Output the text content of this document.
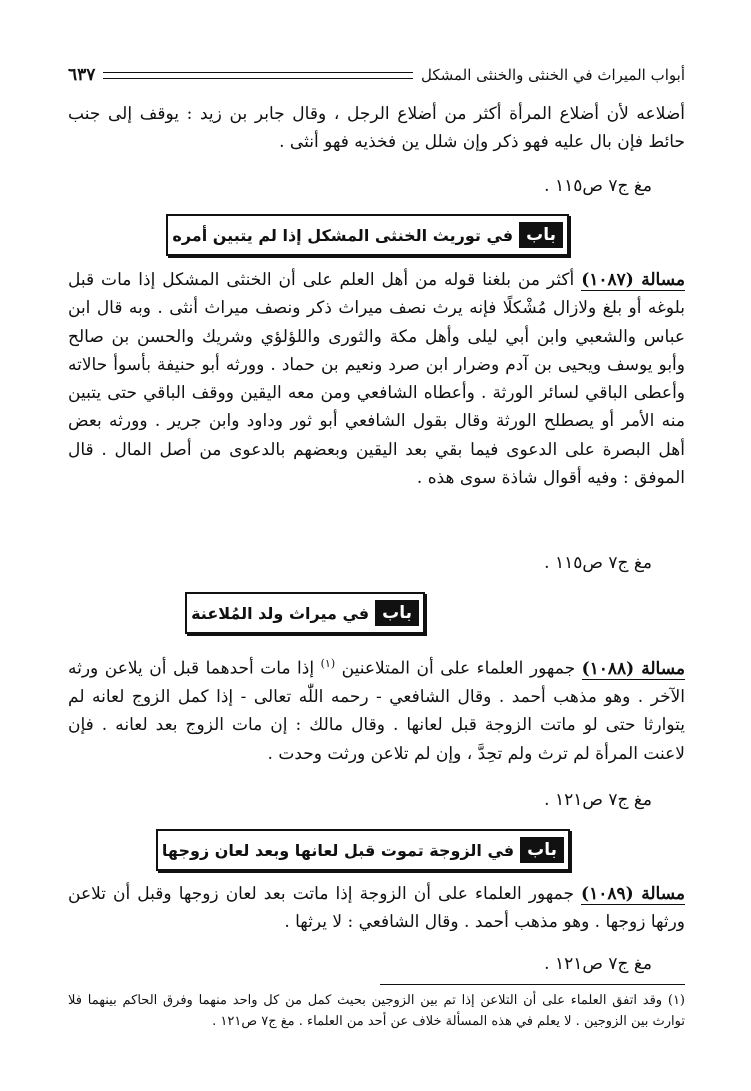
أبواب الميراث في الخنثى والخنثى المشكل
٦٣٧

أضلاعه لأن أضلاع المرأة أكثر من أضلاع الرجل ، وقال جابر بن زيد : يوقف إلى جنب حائط فإن بال عليه فهو ذكر وإن شلل ين فخذيه فهو أنثى .

مغ ج٧ ص١١٥ .
باب
في توريث الخنثى المشكل إذا لم يتبين أمره

مسالة (١٠٨٧) أكثر من بلغنا قوله من أهل العلم على أن الخنثى المشكل إذا مات قبل بلوغه أو بلغ ولازال مُشْكلًا فإنه يرث نصف ميراث ذكر ونصف ميراث أنثى . وبه قال ابن عباس والشعبي وابن أبي ليلى وأهل مكة والثورى واللؤلؤي وشريك والحسن بن صالح وأبو يوسف ويحيى بن آدم وضرار ابن صرد ونعيم بن حماد . وورثه أبو حنيفة بأسوأ حالاته وأعطى الباقي لسائر الورثة . وأعطاه الشافعي ومن معه اليقين ووقف الباقي حتى يتبين منه الأمر أو يصطلح الورثة وقال بقول الشافعي أبو ثور وداود وابن جرير . وورثه بعض أهل البصرة على الدعوى فيما بقي بعد اليقين وبعضهم بالدعوى من أصل المال . قال الموفق : وفيه أقوال شاذة سوى هذه .

مغ ج٧ ص١١٥ .
باب
في ميراث ولد المُلاعنة

مسالة (١٠٨٨) جمهور العلماء على أن المتلاعنين $^{(١)}$ إذا مات أحدهما قبل أن يلاعن ورثه الآخر . وهو مذهب أحمد . وقال الشافعي - رحمه اللّٰه تعالى - إذا كمل الزوج لعانه لم يتوارثا حتى لو ماتت الزوجة قبل لعانها . وقال مالك : إن مات الزوج بعد لعانه . فإن لاعنت المرأة لم ترث ولم تحِدَّ ، وإن لم تلاعن ورثت وحدت .

مغ ج٧ ص١٢١ .
باب
في الزوجة تموت قبل لعانها وبعد لعان زوجها

مسالة (١٠٨٩) جمهور العلماء على أن الزوجة إذا ماتت بعد لعان زوجها وقبل أن تلاعن ورثها زوجها . وهو مذهب أحمد . وقال الشافعي : لا يرثها .

مغ ج٧ ص١٢١ .

(١) وقد اتفق العلماء على أن التلاعن إذا تم بين الزوجين بحيث كمل من كل واحد منهما وفرق الحاكم بينهما فلا توارث بين الزوجين . لا يعلم في هذه المسألة خلاف عن أحد من العلماء . مغ ج٧ ص١٢١ .
